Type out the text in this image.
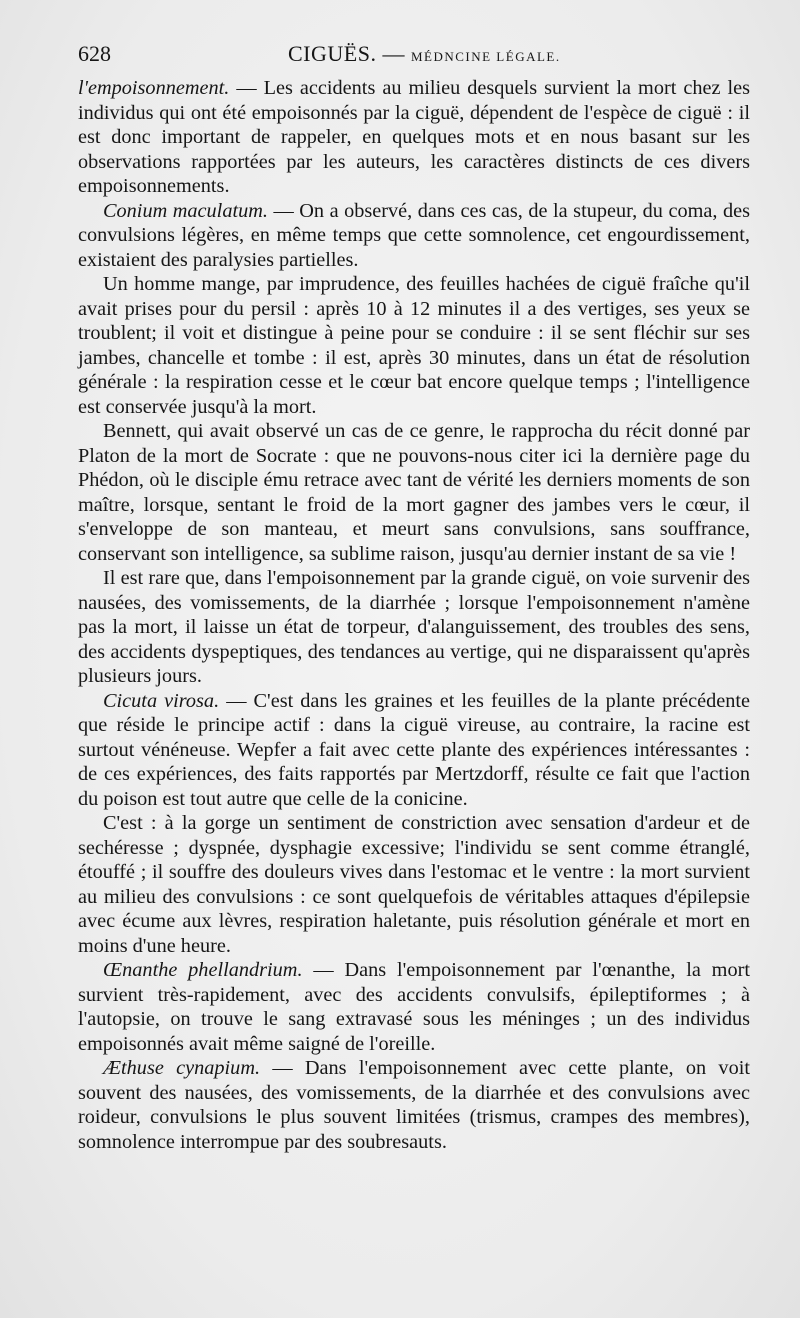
628	CIGUËS. — MÉDNCINE LÉGALE.

l'empoisonnement. — Les accidents au milieu desquels survient la mort chez les individus qui ont été empoisonnés par la ciguë, dépendent de l'espèce de ciguë : il est donc important de rappeler, en quelques mots et en nous basant sur les observations rapportées par les auteurs, les caractères distincts de ces divers empoisonnements.

Conium maculatum. — On a observé, dans ces cas, de la stupeur, du coma, des convulsions légères, en même temps que cette somnolence, cet engourdissement, existaient des paralysies partielles.

Un homme mange, par imprudence, des feuilles hachées de ciguë fraîche qu'il avait prises pour du persil : après 10 à 12 minutes il a des vertiges, ses yeux se troublent; il voit et distingue à peine pour se conduire : il se sent fléchir sur ses jambes, chancelle et tombe : il est, après 30 minutes, dans un état de résolution générale : la respiration cesse et le cœur bat encore quelque temps ; l'intelligence est conservée jusqu'à la mort.

Bennett, qui avait observé un cas de ce genre, le rapprocha du récit donné par Platon de la mort de Socrate : que ne pouvons-nous citer ici la dernière page du Phédon, où le disciple ému retrace avec tant de vérité les derniers moments de son maître, lorsque, sentant le froid de la mort gagner des jambes vers le cœur, il s'enveloppe de son manteau, et meurt sans convulsions, sans souffrance, conservant son intelligence, sa sublime raison, jusqu'au dernier instant de sa vie !

Il est rare que, dans l'empoisonnement par la grande ciguë, on voie survenir des nausées, des vomissements, de la diarrhée ; lorsque l'empoisonnement n'amène pas la mort, il laisse un état de torpeur, d'alanguissement, des troubles des sens, des accidents dyspeptiques, des tendances au vertige, qui ne disparaissent qu'après plusieurs jours.

Cicuta virosa. — C'est dans les graines et les feuilles de la plante précédente que réside le principe actif : dans la ciguë vireuse, au contraire, la racine est surtout vénéneuse. Wepfer a fait avec cette plante des expériences intéressantes : de ces expériences, des faits rapportés par Mertzdorff, résulte ce fait que l'action du poison est tout autre que celle de la conicine.

C'est : à la gorge un sentiment de constriction avec sensation d'ardeur et de sechéresse ; dyspnée, dysphagie excessive; l'individu se sent comme étranglé, étouffé ; il souffre des douleurs vives dans l'estomac et le ventre : la mort survient au milieu des convulsions : ce sont quelquefois de véritables attaques d'épilepsie avec écume aux lèvres, respiration haletante, puis résolution générale et mort en moins d'une heure.

Œnanthe phellandrium. — Dans l'empoisonnement par l'œnanthe, la mort survient très-rapidement, avec des accidents convulsifs, épileptiformes ; à l'autopsie, on trouve le sang extravasé sous les méninges ; un des individus empoisonnés avait même saigné de l'oreille.

Æthuse cynapium. — Dans l'empoisonnement avec cette plante, on voit souvent des nausées, des vomissements, de la diarrhée et des convulsions avec roideur, convulsions le plus souvent limitées (trismus, crampes des membres), somnolence interrompue par des soubresauts.
